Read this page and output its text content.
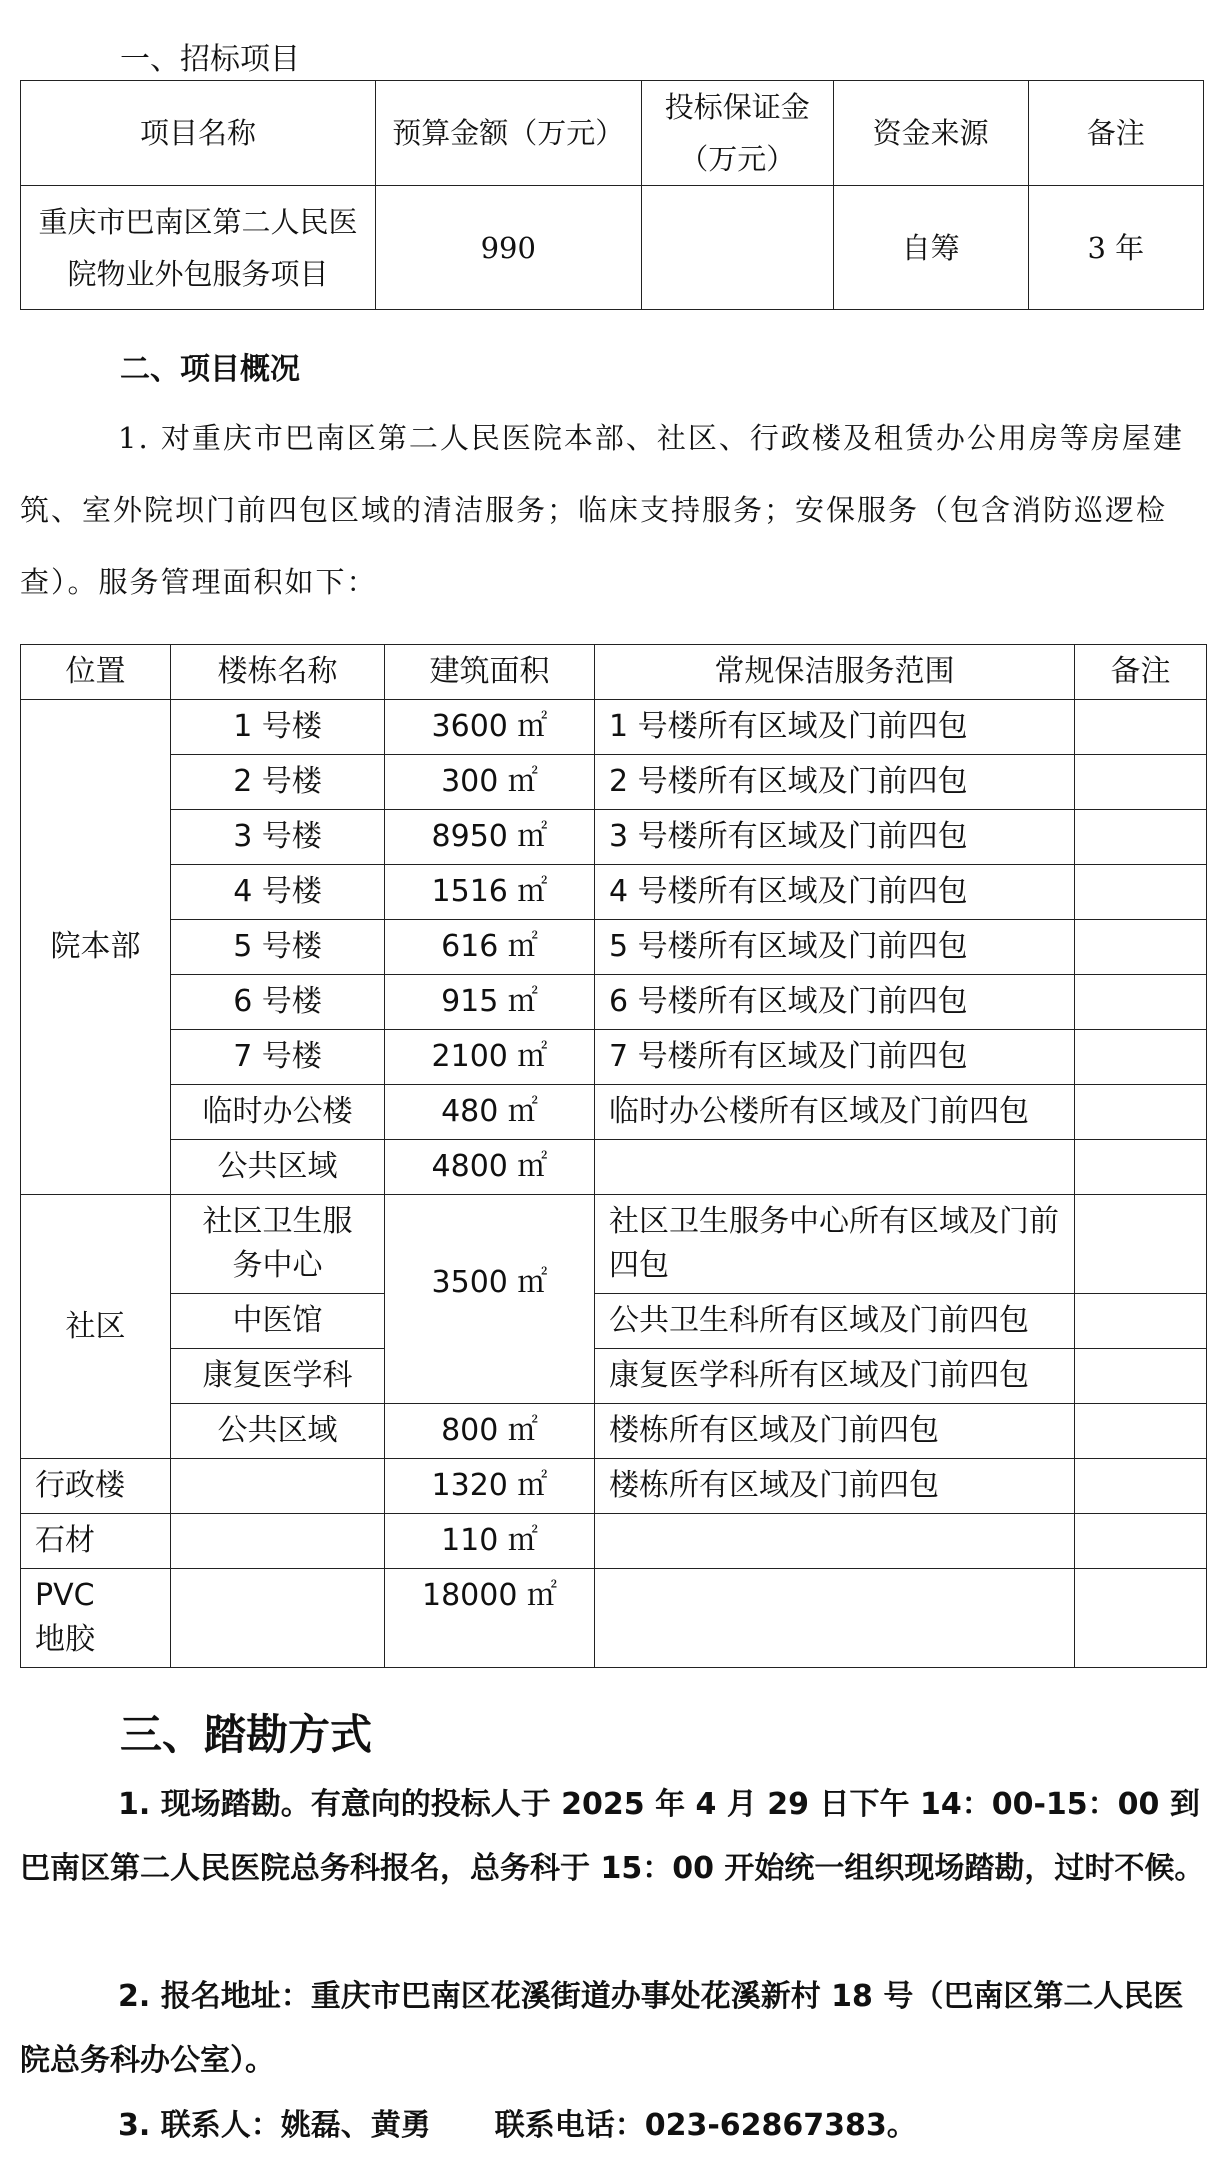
一、招标项目
项目名称	预算金额（万元）	投标保证金（万元）	资金来源	备注
重庆市巴南区第二人民医院物业外包服务项目	990		自筹	3 年
二、项目概况
1. 对重庆市巴南区第二人民医院本部、社区、行政楼及租赁办公用房等房屋建筑、室外院坝门前四包区域的清洁服务；临床支持服务；安保服务（包含消防巡逻检查）。服务管理面积如下：
位置	楼栋名称	建筑面积	常规保洁服务范围	备注
院本部	1 号楼	3600 ㎡	1 号楼所有区域及门前四包	
	2 号楼	300 ㎡	2 号楼所有区域及门前四包	
	3 号楼	8950 ㎡	3 号楼所有区域及门前四包	
	4 号楼	1516 ㎡	4 号楼所有区域及门前四包	
	5 号楼	616 ㎡	5 号楼所有区域及门前四包	
	6 号楼	915 ㎡	6 号楼所有区域及门前四包	
	7 号楼	2100 ㎡	7 号楼所有区域及门前四包	
	临时办公楼	480 ㎡	临时办公楼所有区域及门前四包	
	公共区域	4800 ㎡		
社区	社区卫生服务中心	3500 ㎡	社区卫生服务中心所有区域及门前四包	
	中医馆		公共卫生科所有区域及门前四包	
	康复医学科		康复医学科所有区域及门前四包	
	公共区域	800 ㎡	楼栋所有区域及门前四包	
行政楼		1320 ㎡	楼栋所有区域及门前四包	
石材		110 ㎡		
PVC 地胶		18000 ㎡		
三、踏勘方式
1. 现场踏勘。有意向的投标人于 2025 年 4 月 29 日下午 14：00-15：00 到巴南区第二人民医院总务科报名，总务科于 15：00 开始统一组织现场踏勘，过时不候。
2. 报名地址：重庆市巴南区花溪街道办事处花溪新村 18 号（巴南区第二人民医院总务科办公室）。
3. 联系人：姚磊、黄勇 联系电话：023-62867383。
